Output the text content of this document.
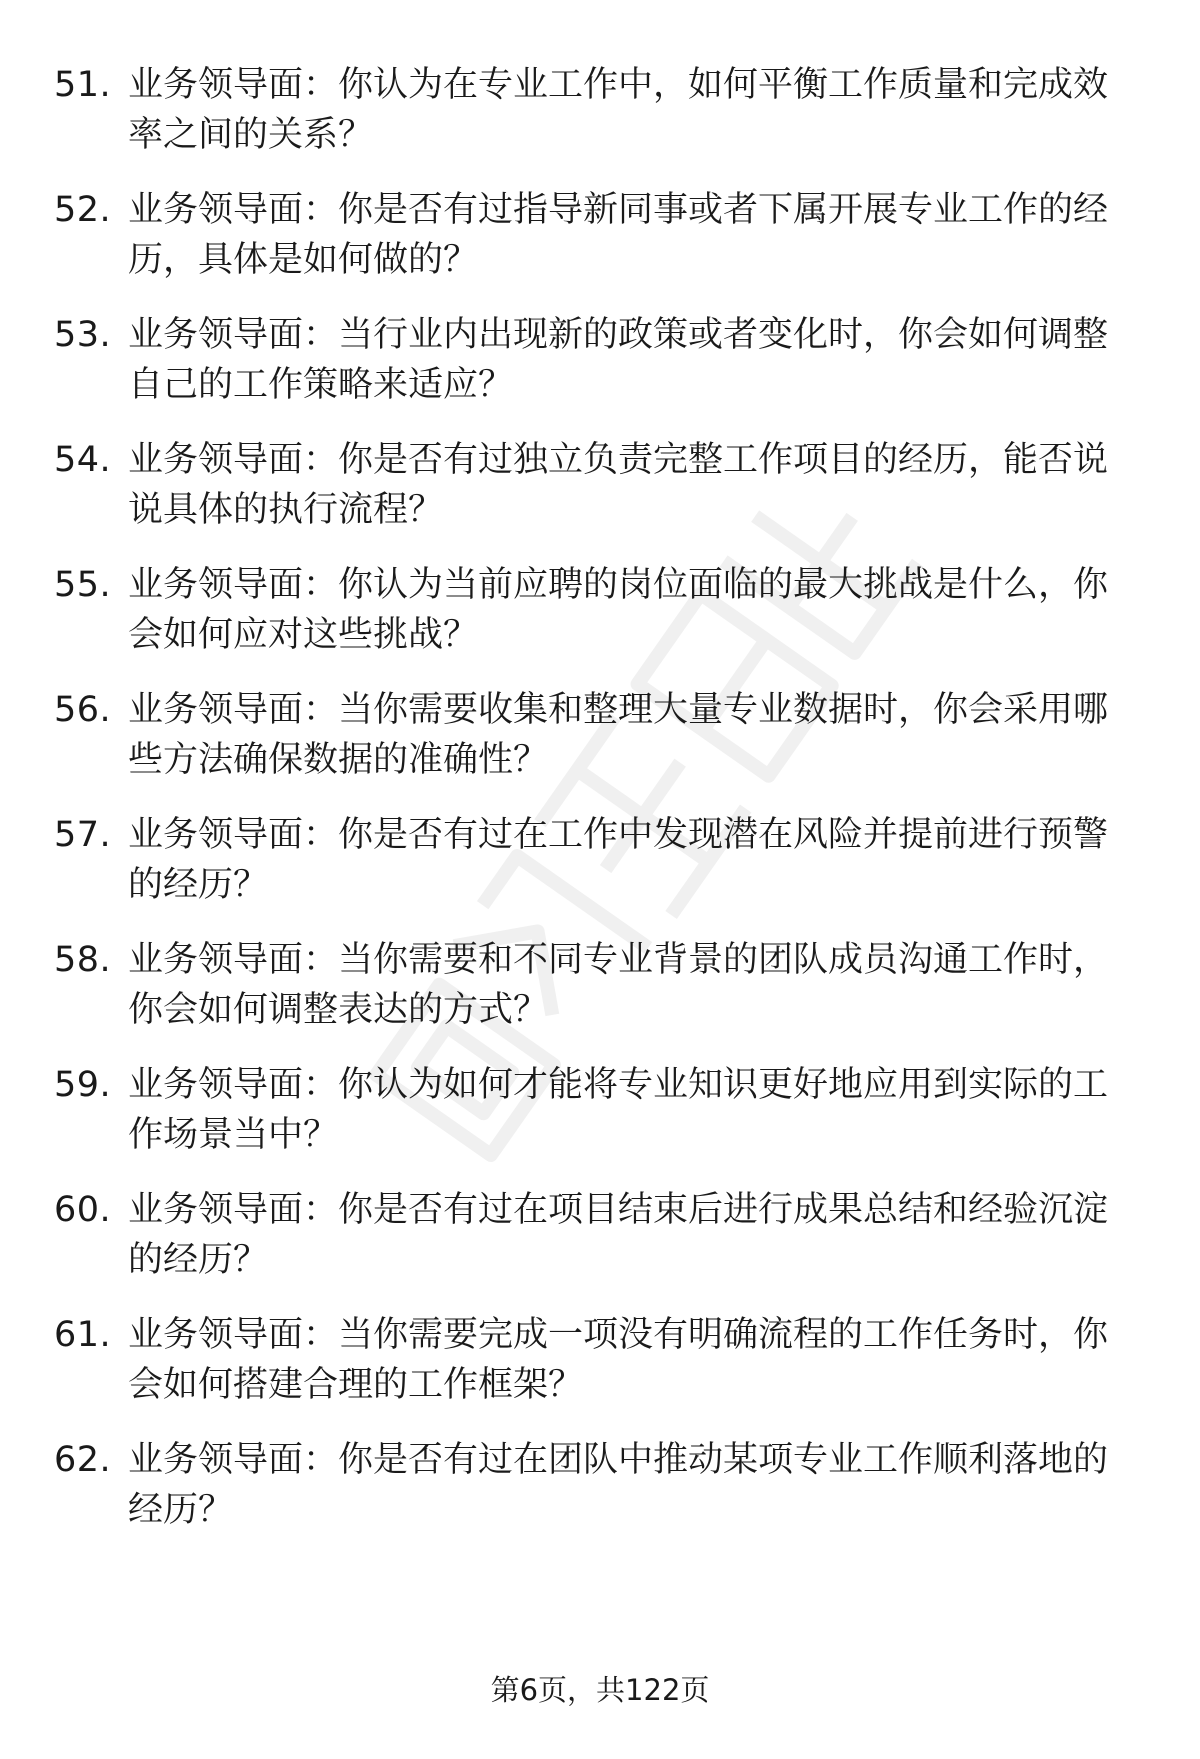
51. 业务领导面：你认为在专业工作中，如何平衡工作质量和完成效
率之间的关系？
52. 业务领导面：你是否有过指导新同事或者下属开展专业工作的经
历，具体是如何做的？
53. 业务领导面：当行业内出现新的政策或者变化时，你会如何调整
自己的工作策略来适应？
54. 业务领导面：你是否有过独立负责完整工作项目的经历，能否说
说具体的执行流程？
55. 业务领导面：你认为当前应聘的岗位面临的最大挑战是什么，你
会如何应对这些挑战？
56. 业务领导面：当你需要收集和整理大量专业数据时，你会采用哪
些方法确保数据的准确性？
57. 业务领导面：你是否有过在工作中发现潜在风险并提前进行预警
的经历？
58. 业务领导面：当你需要和不同专业背景的团队成员沟通工作时，
你会如何调整表达的方式？
59. 业务领导面：你认为如何才能将专业知识更好地应用到实际的工
作场景当中？
60. 业务领导面：你是否有过在项目结束后进行成果总结和经验沉淀
的经历？
61. 业务领导面：当你需要完成一项没有明确流程的工作任务时，你
会如何搭建合理的工作框架？
62. 业务领导面：你是否有过在团队中推动某项专业工作顺利落地的
经历？
第6页，共122页
